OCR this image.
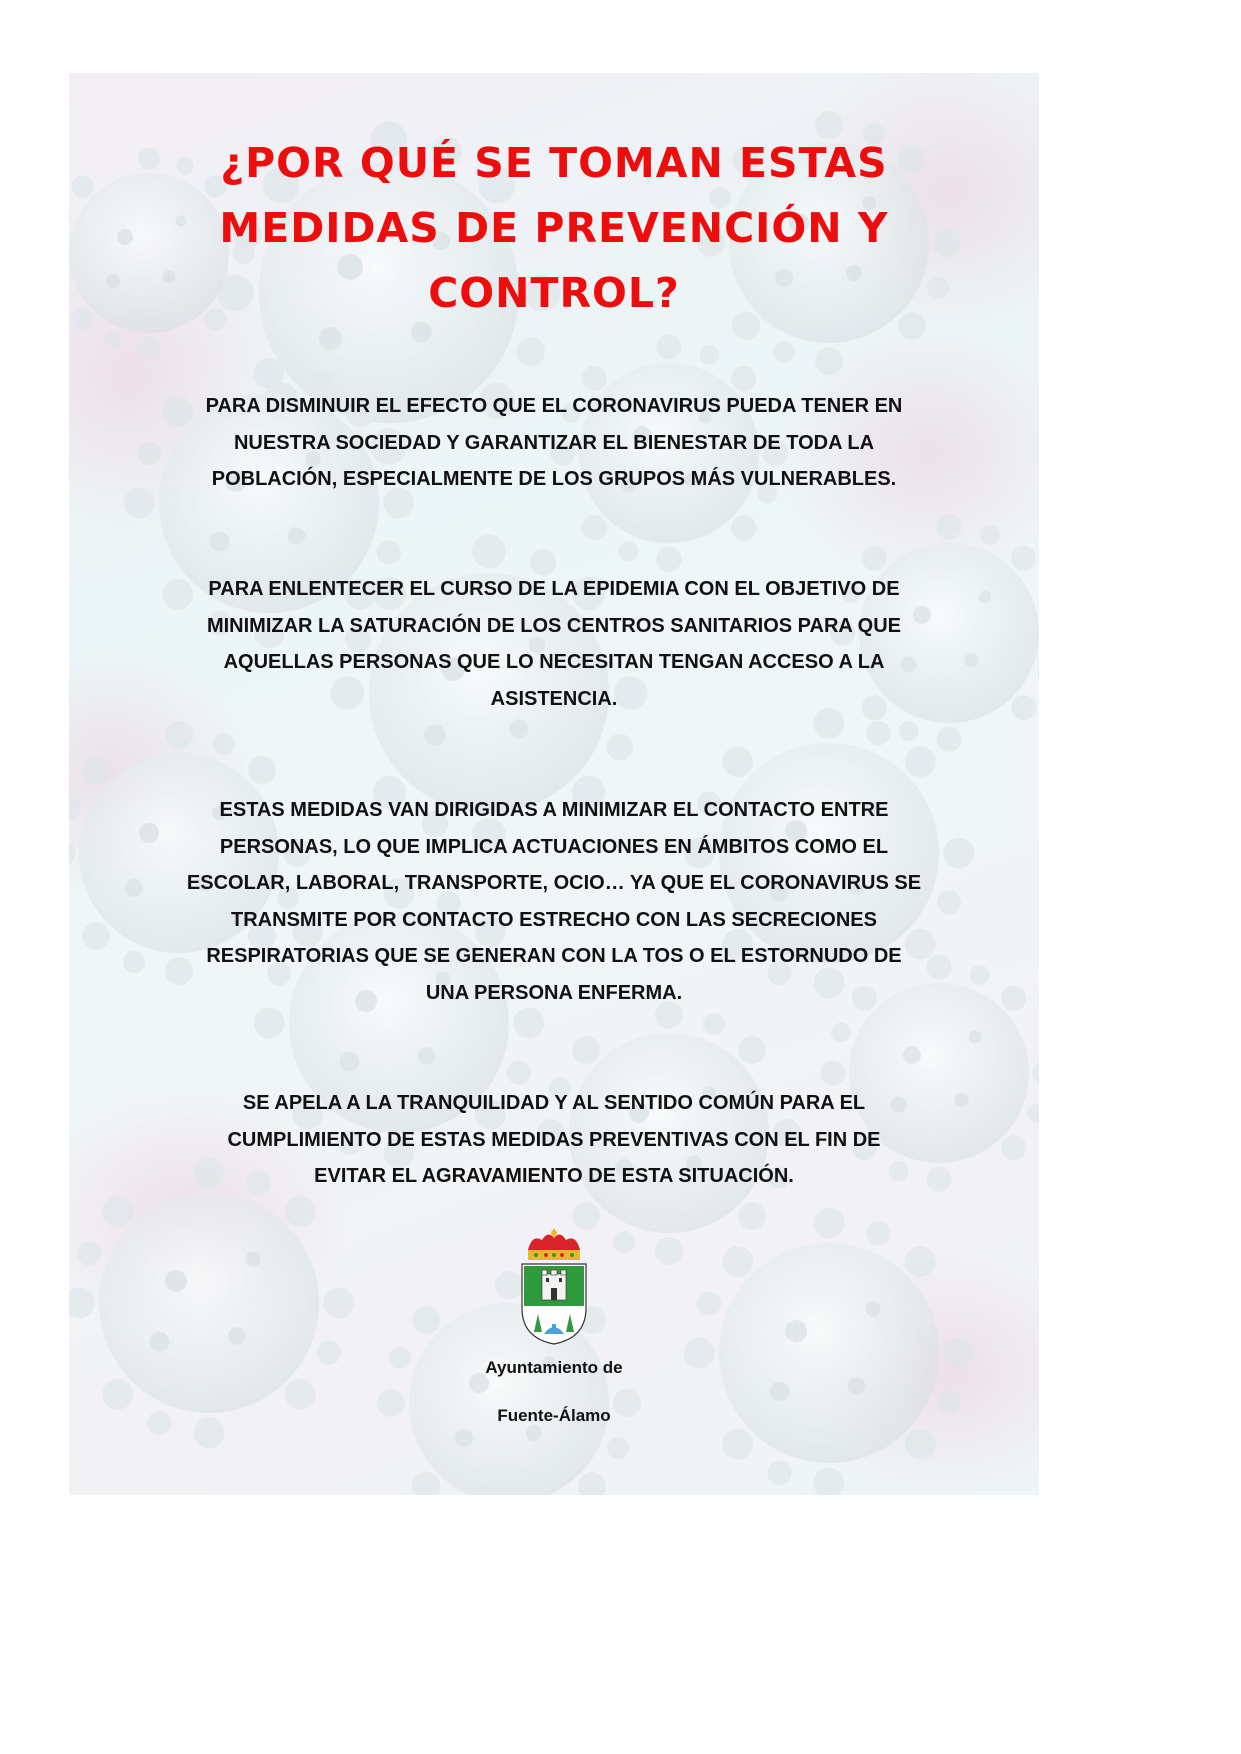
¿POR QUÉ SE TOMAN ESTAS
MEDIDAS DE PREVENCIÓN Y
CONTROL?
PARA DISMINUIR EL EFECTO QUE EL CORONAVIRUS PUEDA TENER EN
NUESTRA SOCIEDAD Y GARANTIZAR EL BIENESTAR DE TODA LA
POBLACIÓN, ESPECIALMENTE DE LOS GRUPOS MÁS VULNERABLES.
PARA ENLENTECER EL CURSO DE LA EPIDEMIA CON EL OBJETIVO DE
MINIMIZAR LA SATURACIÓN DE LOS CENTROS SANITARIOS PARA QUE
AQUELLAS PERSONAS QUE LO NECESITAN TENGAN ACCESO A LA
ASISTENCIA.
ESTAS MEDIDAS VAN DIRIGIDAS A MINIMIZAR EL CONTACTO ENTRE
PERSONAS, LO QUE IMPLICA ACTUACIONES EN ÁMBITOS COMO EL
ESCOLAR, LABORAL, TRANSPORTE, OCIO… YA QUE EL CORONAVIRUS SE
TRANSMITE POR CONTACTO ESTRECHO CON LAS SECRECIONES
RESPIRATORIAS QUE SE GENERAN CON LA TOS O EL ESTORNUDO DE
UNA PERSONA ENFERMA.
SE APELA A LA TRANQUILIDAD Y AL SENTIDO COMÚN PARA EL
CUMPLIMIENTO DE ESTAS MEDIDAS PREVENTIVAS CON EL FIN DE
EVITAR EL AGRAVAMIENTO DE ESTA SITUACIÓN.
Ayuntamiento de
Fuente-Álamo
